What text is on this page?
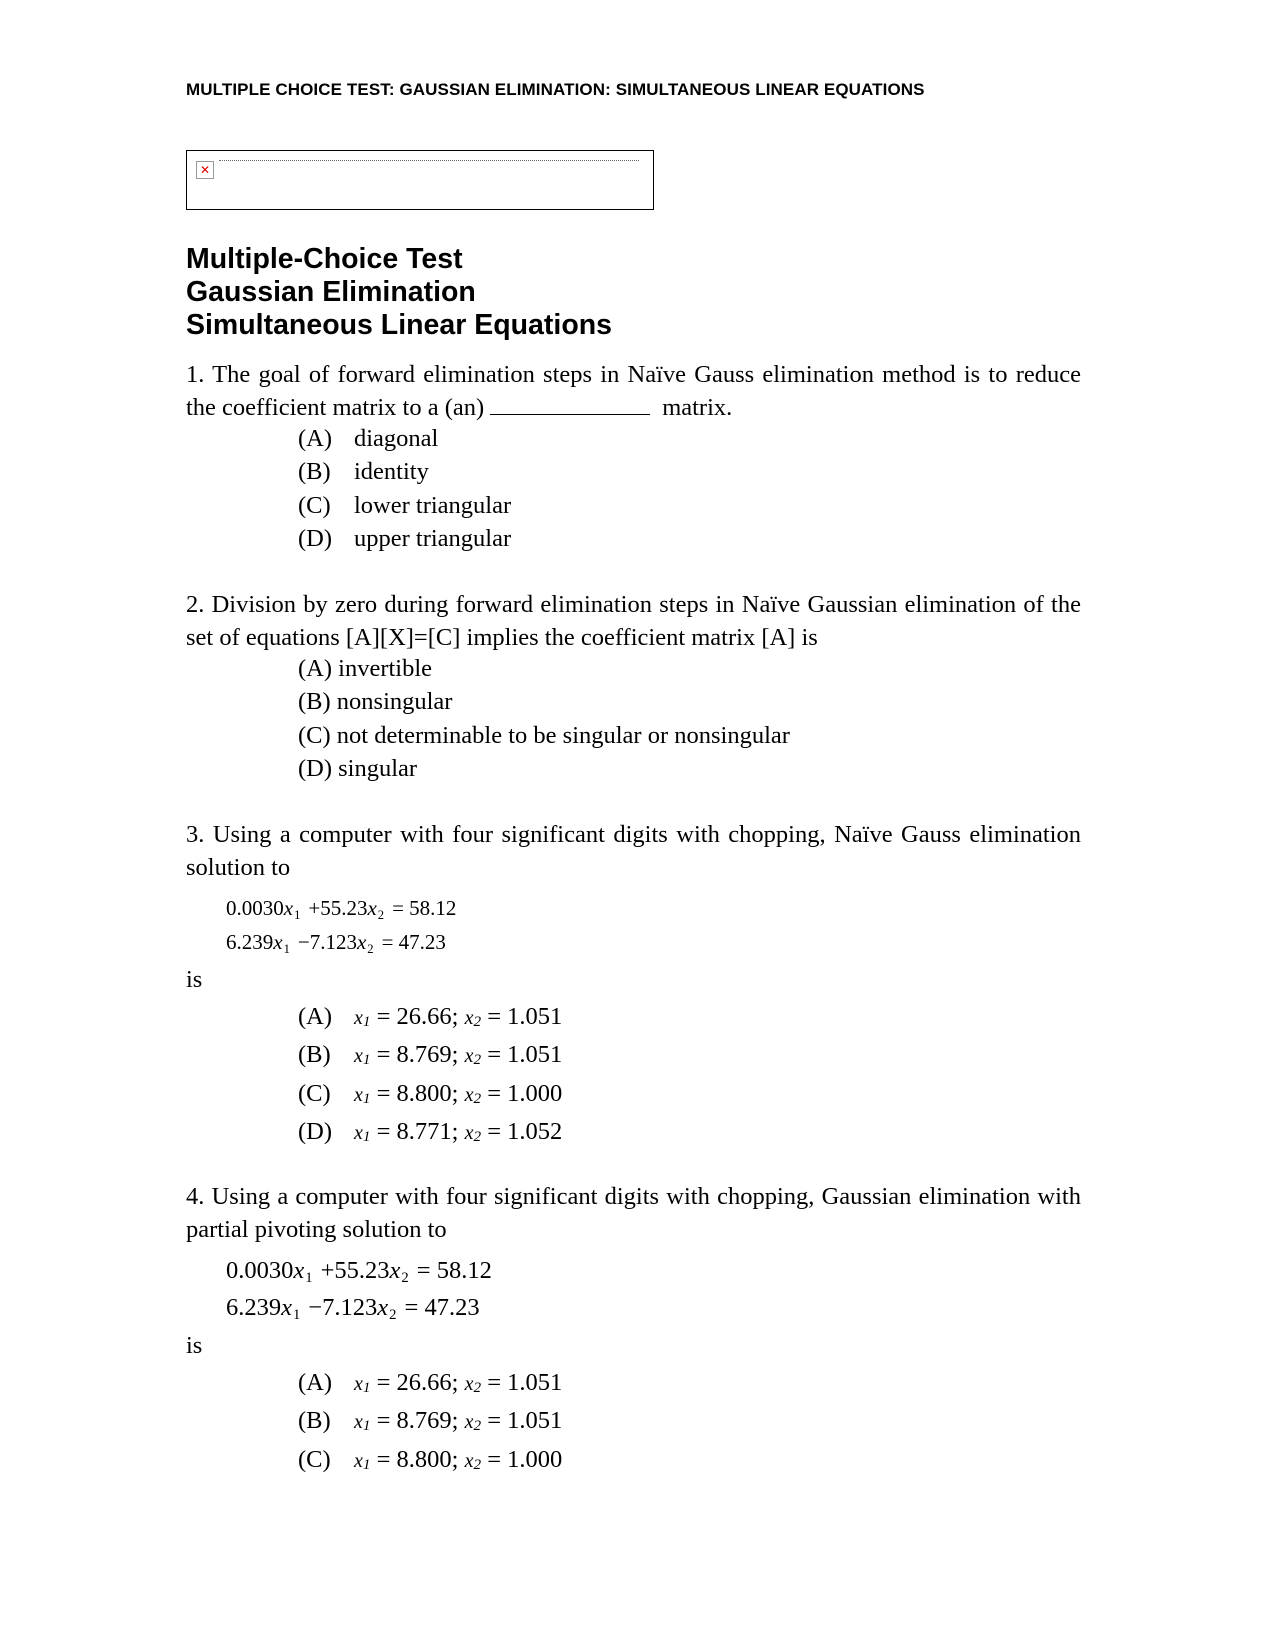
MULTIPLE CHOICE TEST: GAUSSIAN ELIMINATION: SIMULTANEOUS LINEAR EQUATIONS
✕
Multiple-Choice Test
Gaussian Elimination
Simultaneous Linear Equations
1. The goal of forward elimination steps in Naïve Gauss elimination method is to reduce
the coefficient matrix to a (an)	matrix.
(A) diagonal
(B) identity
(C) lower triangular
(D) upper triangular
2. Division by zero during forward elimination steps in Naïve Gaussian elimination of the
set of equations [A][X]=[C] implies the coefficient matrix [A] is
(A) invertible
(B) nonsingular
(C) not determinable to be singular or nonsingular
(D) singular
3. Using a computer with four significant digits with chopping, Naïve Gauss elimination
solution to
$0.0030x_1 +55.23x_2 = 58.12$
$6.239x_1 -7.123x_2 = 47.23$
is
(A) $x_1 = 26.66$; $x_2 = 1.051$
(B) $x_1 = 8.769$; $x_2 = 1.051$
(C) $x_1 = 8.800$; $x_2 = 1.000$
(D) $x_1 = 8.771$; $x_2 = 1.052$
4. Using a computer with four significant digits with chopping, Gaussian elimination with
partial pivoting solution to
$0.0030x_1 +55.23x_2 = 58.12$
$6.239x_1 -7.123x_2 = 47.23$
is
(A) $x_1 = 26.66$; $x_2 = 1.051$
(B) $x_1 = 8.769$; $x_2 = 1.051$
(C) $x_1 = 8.800$; $x_2 = 1.000$
